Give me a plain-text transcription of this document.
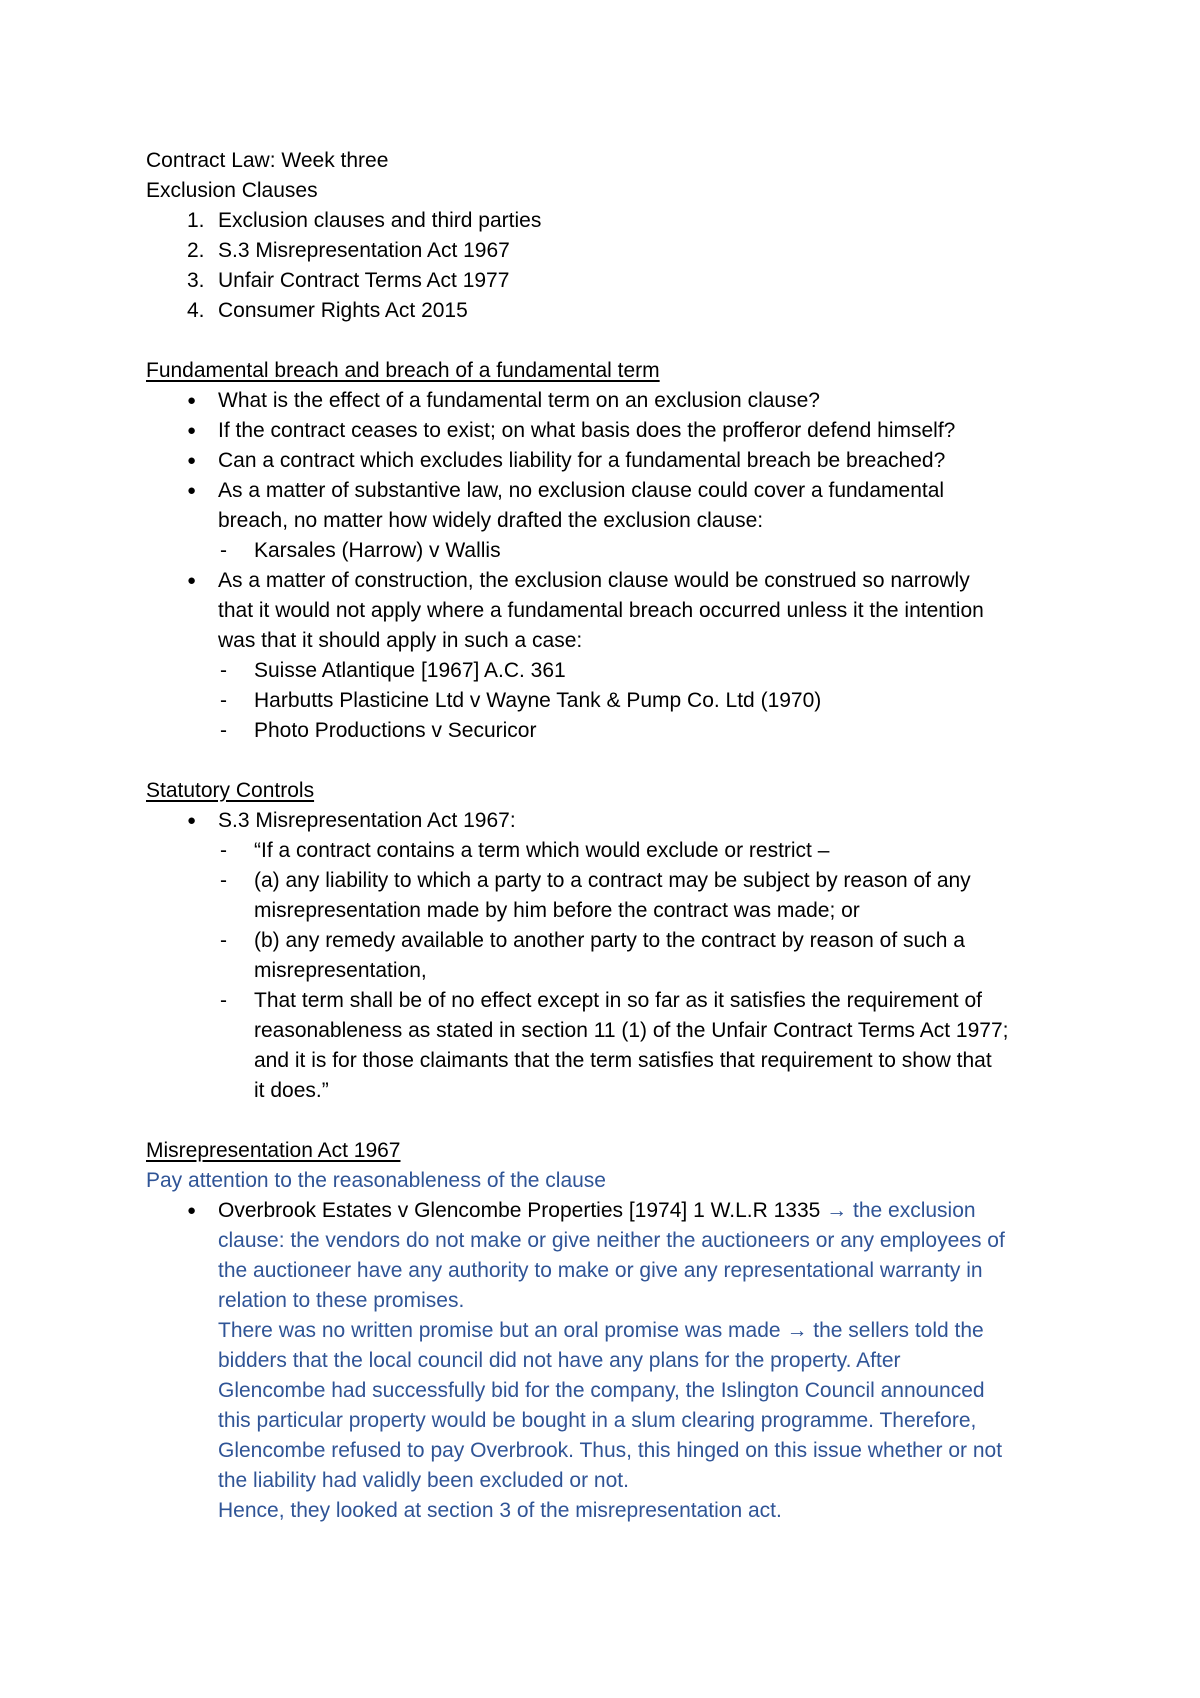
Contract Law: Week three

Exclusion Clauses

1. Exclusion clauses and third parties
2. S.3 Misrepresentation Act 1967
3. Unfair Contract Terms Act 1977
4. Consumer Rights Act 2015

Fundamental breach and breach of a fundamental term

●	What is the effect of a fundamental term on an exclusion clause?
●	If the contract ceases to exist; on what basis does the profferor defend himself?
●	Can a contract which excludes liability for a fundamental breach be breached?
●	As a matter of substantive law, no exclusion clause could cover a fundamental

breach, no matter how widely drafted the exclusion clause:

-	Karsales (Harrow) v Wallis
●	As a matter of construction, the exclusion clause would be construed so narrowly

that it would not apply where a fundamental breach occurred unless it the intention

was that it should apply in such a case:

-	Suisse Atlantique [1967] A.C. 361
-	Harbutts Plasticine Ltd v Wayne Tank & Pump Co. Ltd (1970)
-	Photo Productions v Securicor

Statutory Controls

●	S.3 Misrepresentation Act 1967:

-	“If a contract contains a term which would exclude or restrict –
-	(a) any liability to which a party to a contract may be subject by reason of any

misrepresentation made by him before the contract was made; or

-	(b) any remedy available to another party to the contract by reason of such a

misrepresentation,

-	That term shall be of no effect except in so far as it satisfies the requirement of

reasonableness as stated in section 11 (1) of the Unfair Contract Terms Act 1977;

and it is for those claimants that the term satisfies that requirement to show that

it does.”

Misrepresentation Act 1967

Pay attention to the reasonableness of the clause

●	Overbrook Estates v Glencombe Properties [1974] 1 W.L.R 1335 → the exclusion

clause: the vendors do not make or give neither the auctioneers or any employees of

the auctioneer have any authority to make or give any representational warranty in

relation to these promises.

There was no written promise but an oral promise was made → the sellers told the

bidders that the local council did not have any plans for the property. After

Glencombe had successfully bid for the company, the Islington Council announced

this particular property would be bought in a slum clearing programme. Therefore,

Glencombe refused to pay Overbrook. Thus, this hinged on this issue whether or not

the liability had validly been excluded or not.

Hence, they looked at section 3 of the misrepresentation act.
